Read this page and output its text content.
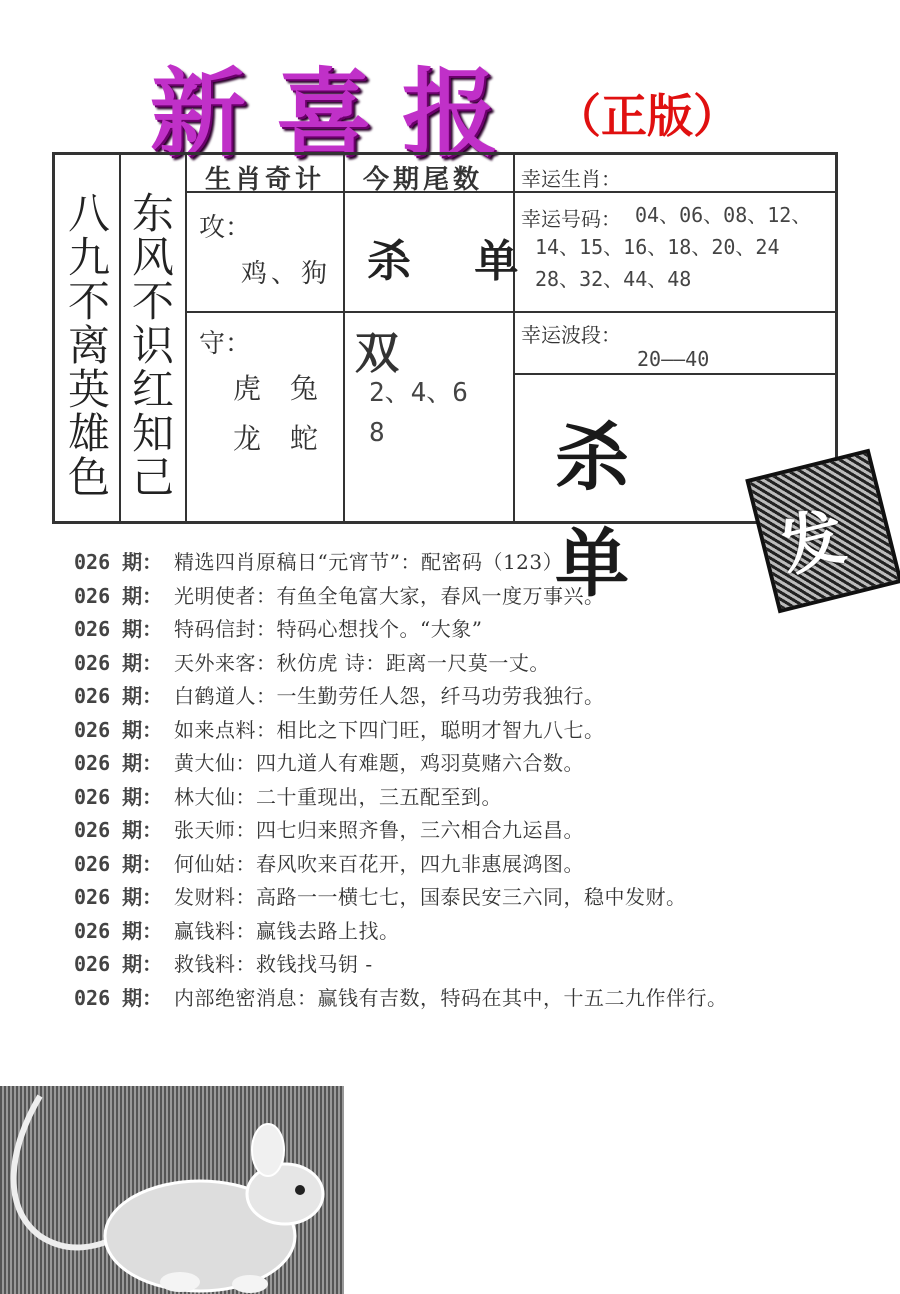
新喜报 （正版）
八九不离英雄色 东风不识红知己
生肖奇计 今期尾数 幸运生肖：
攻：
鸡、狗 杀 单
幸运号码： 04、06、08、12、
14、15、16、18、20、24
28、32、44、48
守：
虎 兔
龙 蛇
双
2、4、6
8
幸运波段：
20——40
杀 单	发
026 期： 精选四肖原稿日“元宵节”：配密码（123）
026 期： 光明使者：有鱼全龟富大家，春风一度万事兴。
026 期： 特码信封：特码心想找个。“大象”
026 期： 天外来客：秋仿虎 诗：距离一尺莫一丈。
026 期： 白鹤道人：一生勤劳任人怨，纤马功劳我独行。
026 期： 如来点料：相比之下四门旺，聪明才智九八七。
026 期： 黄大仙：四九道人有难题，鸡羽莫赌六合数。
026 期： 林大仙：二十重现出，三五配至到。
026 期： 张天师：四七归来照齐鲁，三六相合九运昌。
026 期： 何仙姑：春风吹来百花开，四九非惠展鸿图。
026 期： 发财料：高路一一横七七，国泰民安三六同，稳中发财。
026 期： 赢钱料：赢钱去路上找。
026 期： 救钱料：救钱找马钥 -
026 期： 内部绝密消息：赢钱有吉数，特码在其中，十五二九作伴行。
